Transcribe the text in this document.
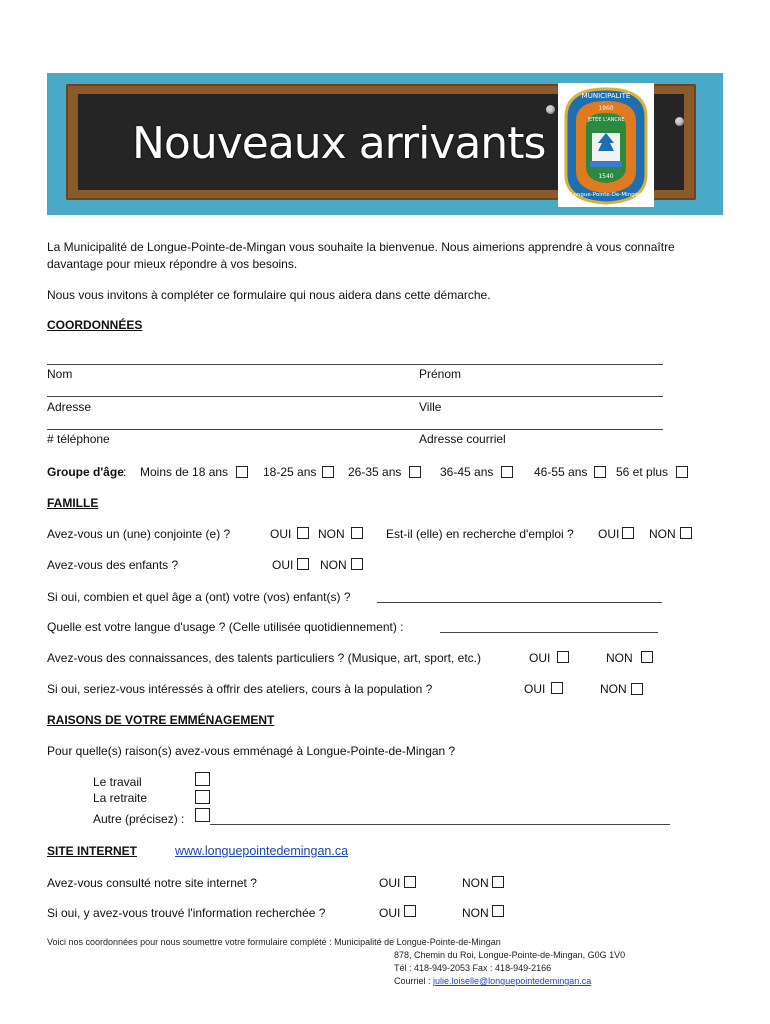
Nouveaux arrivants
MUNICIPALITÉ
1960
JETÉE L'ANCRE
1540
Longue-Pointe-De-Mingan
La Municipalité de Longue-Pointe-de-Mingan vous souhaite la bienvenue. Nous aimerions apprendre à vous connaître
davantage pour mieux répondre à vos besoins.
Nous vous invitons à compléter ce formulaire qui nous aidera dans cette démarche.
COORDONNÉES
Nom	Prénom
Adresse	Ville
# téléphone	Adresse courriel
Groupe d'âge : Moins de 18 ans	18-25 ans	26-35 ans	36-45 ans	46-55 ans 56 et plus
FAMILLE
Avez-vous un (une) conjointe (e) ?	OUI NON	Est-il (elle) en recherche d'emploi ? OUI NON
Avez-vous des enfants ?	OUI NON
Si oui, combien et quel âge a (ont) votre (vos) enfant(s) ?
Quelle est votre langue d'usage ? (Celle utilisée quotidiennement) :
Avez-vous des connaissances, des talents particuliers ? (Musique, art, sport, etc.)	OUI	NON
Si oui, seriez-vous intéressés à offrir des ateliers, cours à la population ?	OUI	NON
RAISONS DE VOTRE EMMÉNAGEMENT
Pour quelle(s) raison(s) avez-vous emménagé à Longue-Pointe-de-Mingan ?
Le travail
La retraite
Autre (précisez) :
SITE INTERNET	www.longuepointedemingan.ca
Avez-vous consulté notre site internet ?	OUI	NON
Si oui, y avez-vous trouvé l'information recherchée ?	OUI	NON
Voici nos coordonnées pour nous soumettre votre formulaire complété : Municipalité de Longue-Pointe-de-Mingan
878, Chemin du Roi, Longue-Pointe-de-Mingan, G0G 1V0
Tél : 418-949-2053 Fax : 418-949-2166
Courriel : julie.loiselle@longuepointedemingan.ca
